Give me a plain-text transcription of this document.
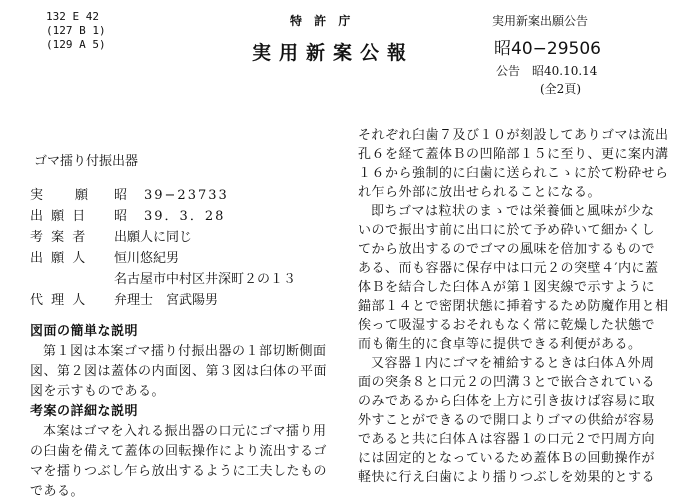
132 E 42
(127 B 1)
(129 A 5)
特 許 庁
実用新案公報
実用新案出願公告
昭40−29506
公告　昭40.10.14
(全2頁)
ゴマ擂り付振出器
実　　願 昭　39−23733
出 願 日 昭　39．3．28
考 案 者 出願人に同じ
出 願 人 恒川悠紀男
名古屋市中村区井深町２の１３
代 理 人 弁理士　宮武陽男
図面の簡単な説明
第１図は本案ゴマ擂り付振出器の１部切断側面
図、第２図は蓋体の内面図、第３図は臼体の平面
図を示すものである。
考案の詳細な説明
本案はゴマを入れる振出器の口元にゴマ擂り用
の臼歯を備えて蓋体の回転操作により流出するゴ
マを擂りつぶし乍ら放出するように工夫したもの
である。
それぞれ臼歯７及び１０が刻設してありゴマは流出
孔６を経て蓋体Ｂの凹陥部１５に至り、更に案内溝
１６から強制的に臼歯に送られこゝに於て粉砕せら
れ乍ら外部に放出せられることになる。
即ちゴマは粒状のまゝでは栄養価と風味が少な
いので振出す前に出口に於て予め砕いて細かくし
てから放出するのでゴマの風味を倍加するもので
ある、而も容器に保存中は口元２の突壁４′内に蓋
体Ｂを結合した臼体Ａが第１図実線で示すように
錨部１４とで密閉状態に挿着するため防魔作用と相
俟って吸湿するおそれもなく常に乾燥した状態で
而も衛生的に食卓等に提供できる利便がある。
又容器１内にゴマを補給するときは臼体Ａ外周
面の突条８と口元２の凹溝３とで嵌合されている
のみであるから臼体を上方に引き抜けば容易に取
外すことができるので開口よりゴマの供給が容易
であると共に臼体Ａは容器１の口元２で円周方向
には固定的となっているため蓋体Ｂの回動操作が
軽快に行え臼歯により擂りつぶしを効果的とする
